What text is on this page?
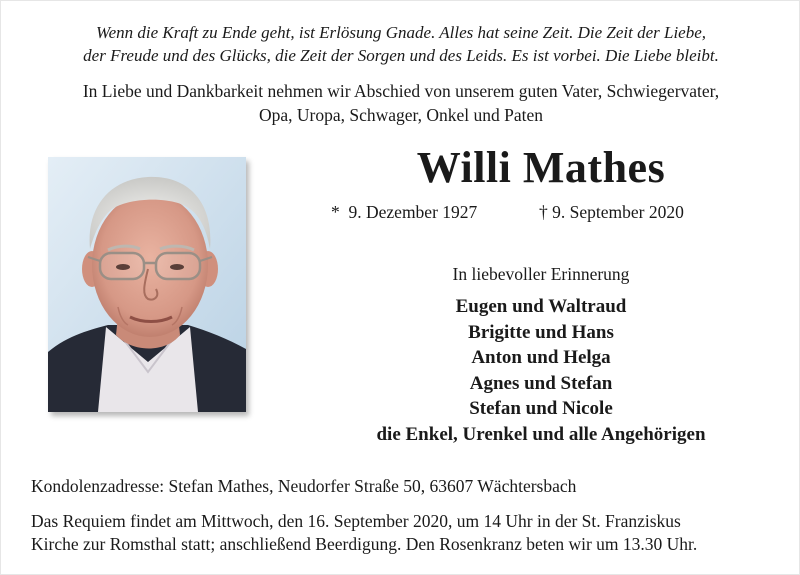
Wenn die Kraft zu Ende geht, ist Erlösung Gnade. Alles hat seine Zeit. Die Zeit der Liebe,
der Freude und des Glücks, die Zeit der Sorgen und des Leids. Es ist vorbei. Die Liebe bleibt.
In Liebe und Dankbarkeit nehmen wir Abschied von unserem guten Vater, Schwiegervater,
Opa, Uropa, Schwager, Onkel und Paten
Willi Mathes
* 9. Dezember 1927	† 9. September 2020
In liebevoller Erinnerung
Eugen und Waltraud
Brigitte und Hans
Anton und Helga
Agnes und Stefan
Stefan und Nicole
die Enkel, Urenkel und alle Angehörigen
Kondolenzadresse: Stefan Mathes, Neudorfer Straße 50, 63607 Wächtersbach
Das Requiem findet am Mittwoch, den 16. September 2020, um 14 Uhr in der St. Franziskus
Kirche zur Romsthal statt; anschließend Beerdigung. Den Rosenkranz beten wir um 13.30 Uhr.
